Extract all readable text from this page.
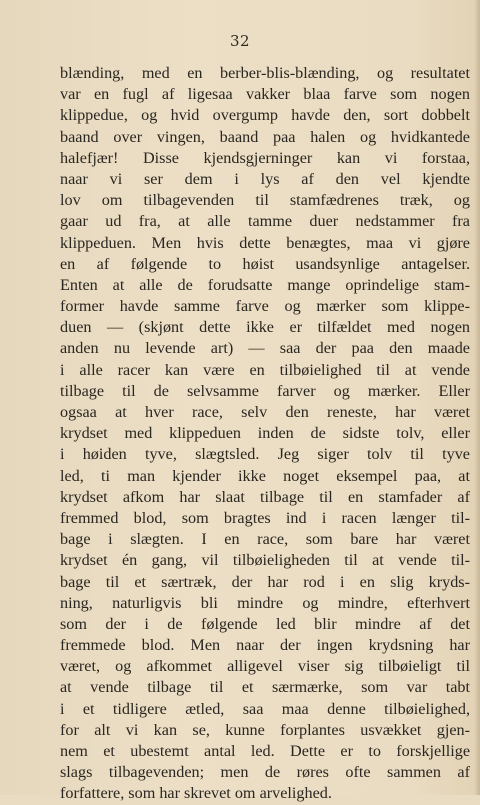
32
blænding, med en berber-blis-blænding, og resultatet
var en fugl af ligesaa vakker blaa farve som nogen
klippedue, og hvid overgump havde den, sort dobbelt
baand over vingen, baand paa halen og hvidkantede
halefjær! Disse kjendsgjerninger kan vi forstaa,
naar vi ser dem i lys af den vel kjendte
lov om tilbagevenden til stamfædrenes træk, og
gaar ud fra, at alle tamme duer nedstammer fra
klippeduen. Men hvis dette benægtes, maa vi gjøre
en af følgende to høist usandsynlige antagelser.
Enten at alle de forudsatte mange oprindelige stam-
former havde samme farve og mærker som klippe-
duen — (skjønt dette ikke er tilfældet med nogen
anden nu levende art) — saa der paa den maade
i alle racer kan være en tilbøielighed til at vende
tilbage til de selvsamme farver og mærker. Eller
ogsaa at hver race, selv den reneste, har været
krydset med klippeduen inden de sidste tolv, eller
i høiden tyve, slægtsled. Jeg siger tolv til tyve
led, ti man kjender ikke noget eksempel paa, at
krydset afkom har slaat tilbage til en stamfader af
fremmed blod, som bragtes ind i racen længer til-
bage i slægten. I en race, som bare har været
krydset én gang, vil tilbøieligheden til at vende til-
bage til et særtræk, der har rod i en slig kryds-
ning, naturligvis bli mindre og mindre, efterhvert
som der i de følgende led blir mindre af det
fremmede blod. Men naar der ingen krydsning har
været, og afkommet alligevel viser sig tilbøieligt til
at vende tilbage til et særmærke, som var tabt
i et tidligere ætled, saa maa denne tilbøielighed,
for alt vi kan se, kunne forplantes usvækket gjen-
nem et ubestemt antal led. Dette er to forskjellige
slags tilbagevenden; men de røres ofte sammen af
forfattere, som har skrevet om arvelighed.
